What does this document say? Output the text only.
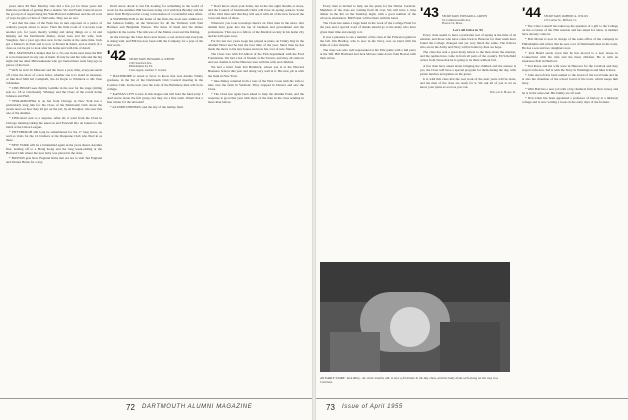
years since Ed Bart Mortley who did a few jot for three years but finds the problem of getting Bart a dentist. Vic and Frank Cantroll are in the good job of supervising the Yale-Harvard exhibition and the all sorts of ways he gets a Class of 1942 ends. They see no rest.

* and that the state of the Fenn has in turn exported as a parlor of ordinary people about to leave. Then the little room of Corcoran took another job, for years mostly writing and doing things on a 14 and helping out the Dartmouth dinner, about Jean and his wife. Jack Vaughan. Just a year ago that, new in the rooms at the same time. Jack got a Master's in Paul and is now at Dorant & Klein, and as much of a class as can be got to look after his home and with bits of detail.

BILL MANWAELL makes that for a. No one in the next issue the Bill is to be interested in any one of them. If only he and his wife and the big eight and ten other Milwaukeeans who got buried there went long ago as pieces of the best.

* We'll be in it! In Missouri and the twice a year, time, everyone sends off a line the show of a new letter, whether one is to stand as treasurer, or like Rod Mill Gil Campbell, the Al Doyle to Whitlock to Mr. Pete Schlenker.

* CINCINNATI sees Jimmy Gamble in the rear for the stage (sitting seat no. 18 at Cincinnati). Whitney and the Class of the recent home Johnson and Hall.

* PHILADELPHIA is on but from Chicago in New York has a particularly long talk for the Class of the Dartmouth Club about the recent news on how they all got on the job, by Al Douglas, who saw this one of the Alumni.

* CHICAGO sent to a surprise. After all, it went from the Class in Chicago meeting taking the usual on and Farewell Rio de Janeiro to the lunch at the Union League.

* PITTSBURGH still long be remembered for the 17 long hours, as well as visits for the 14 brothers at the Duquesne Club who filed in as three.

* NEW YORK will be a bridesmaid again in the years ahead. Another first, leading off to a Hong Kong and the long week-ending at the Harvard Club where the new baby was placed in the class.

* BOSTON gets New England firms that are tax to visit Ted England and Warner Burns for a day.

Don't know about it, but I'm looking for something in the world of work for the summer. Bill has been doing a lot with that Bradley and his letter from Hollywood in a long conversation of a wonderful sales affair.

A WASHINGTON in the home of the firm, the local new addition to the Johnson family. At the Westover for all the Vermont with Tom Harmon and Benjamin Watson. The three of them had the dinner together in the rooms. The talk was of the Maine coast and the fishing.

At the Chicago the Class had a new house, a son arrived and everyone is doing well, and Bill has now been with the Company for a year of the best work.

'42 SECRETARY, HOWARD A. KEENE
1165 Stanford Ave.
Philadelphia 44, Pa.
Class Agent, Andrew T. Garner

* BALTIMORE is noted to favor to know that Gus Adams Trinity graduate, in the list of the Dartmouth Club Council meeting in the Cosmos Club. In the next year the sons of the Baltimore men will be in college.

* KANSAS CITY is new in this league and will hold the fund early. I don't know about the full group, but they are a fine team. Wasn't that a fine winter for the ski team?

* ALUMNI DINNERS: and the day of the Ashley farm.

* Don't know about your home, but in the last eight months or more, and the Council of Dartmouth Clubs will have its spring session. Some of the 1941 men said that they will see it with all of the new faces in the town and most of those.

Wherever you look nowadays there's an 1941 man in the news. Our alumni have gone into the top of business and government and the professions. That one is a fellow of the Medical society in his home city and he will open soon.

For the last two years Gage has played at piano on Trinity Day in the Alumni Hotel and he had the best time of the year. Since then he has made the move to his new house and now has a lot of new friends.

The Class was with Ed Abbott of the Fish department with the Ford Foundation. We had a list of friends at the Tavern, and they all came in and out. Kathie is in the Hanover area with his wife and children.

We had a letter from Ted Hendrick, whose son is at the Harvard Business School this year and doing very well at it. His new job is with the bank in New York.

* Jake Dailey returned from a tour of the West Coast with his wife to take over the farm in Vermont. They stopped in Denver and saw the Class.

* The Class has again been asked to help the Alumni Fund, and the response is good this year with most of the men in the class sending in more than before.

72 DARTMOUTH ALUMNI MAGAZINE

Every man is invited to help out the plans for the Winter Carnival. Members of the class are coming from all over. We will have a class dinner in the Inn on the Saturday night, with a good number of the wives in attendance. Bill Foster will be there with his band.

The Class has taken a large hand in the work of the College Fund for the year and a special word of thanks should go to the many who have given their time and energy to it.

It was a pleasure to see a number of the class at the Princeton game in the fall. Jim Bradley, who is now in the Navy, was on hand with his bride of a few months.

The class was also well represented at the Yale game with a full party at the Taft. Bill Haviland and Jack McGee came down from Boston with their wives.

'43 SECRETARY, EDWARD A. GREEN
34 Commonwealth Ave.
Boston 14, Mass.

Let's All Strive in '55

Every class seems to have a particular sort of spring at the time of its reunion, and those who have come back to Hanover for their tenth have found the College changed and yet very much the same. The fellows who are in the Army and Navy will be home by then we hope.

The class has sent a great many letters to the men about the reunion, and the replies have come in from all parts of the country. Ed Schofield writes from Texas that he is going to be there without fail.

A few men have asked about bringing the children and the answer is yes, the Class will have a special program for them during the day, with picnic lunches and games on the green.

It is with this class that the real work of the next years will be done, and the men of the class are ready for it. We ask all of you to let us know your plans as soon as you can.

William S. Baker Jr.

'44 SECRETARY, ROBERT A. WILLIS
125 Center St., Milford, Ct.

* The Class Council has taken up the question of a gift to the College on the occasion of the 25th reunion and has asked for ideas. A number have already come in.

* Bob Moran is now in charge of the sales office of the company in Philadelphia and writes that he sees a lot of Dartmouth men in his work. He has a son and two daughters now.

* Jack Heald sends word that he has moved to a new house in Connecticut with his wife and the three children. He is with an insurance firm in Hartford.

* Ted Rowe and his wife were in Hanover for the Carnival and they stayed at the Inn. Ted is with the Navy in Washington and likes it there.

* John Ascroft has been named to the board of the local bank and he is also the chairman of the school board of his town, which keeps him busy.

* Whit Ball has a new job with a big chemical firm in New Jersey and he is in the sales end. His family are all well.

* Don Clark has been appointed a professor of history at a midwest college and is now writing a book on the early days of the frontier.

AN EARLY START: Jack Riley, '42, three months old, is now a freshman in the day class, and the baby looks well along on the way to a Carnival.
73 Issue of April 1955
